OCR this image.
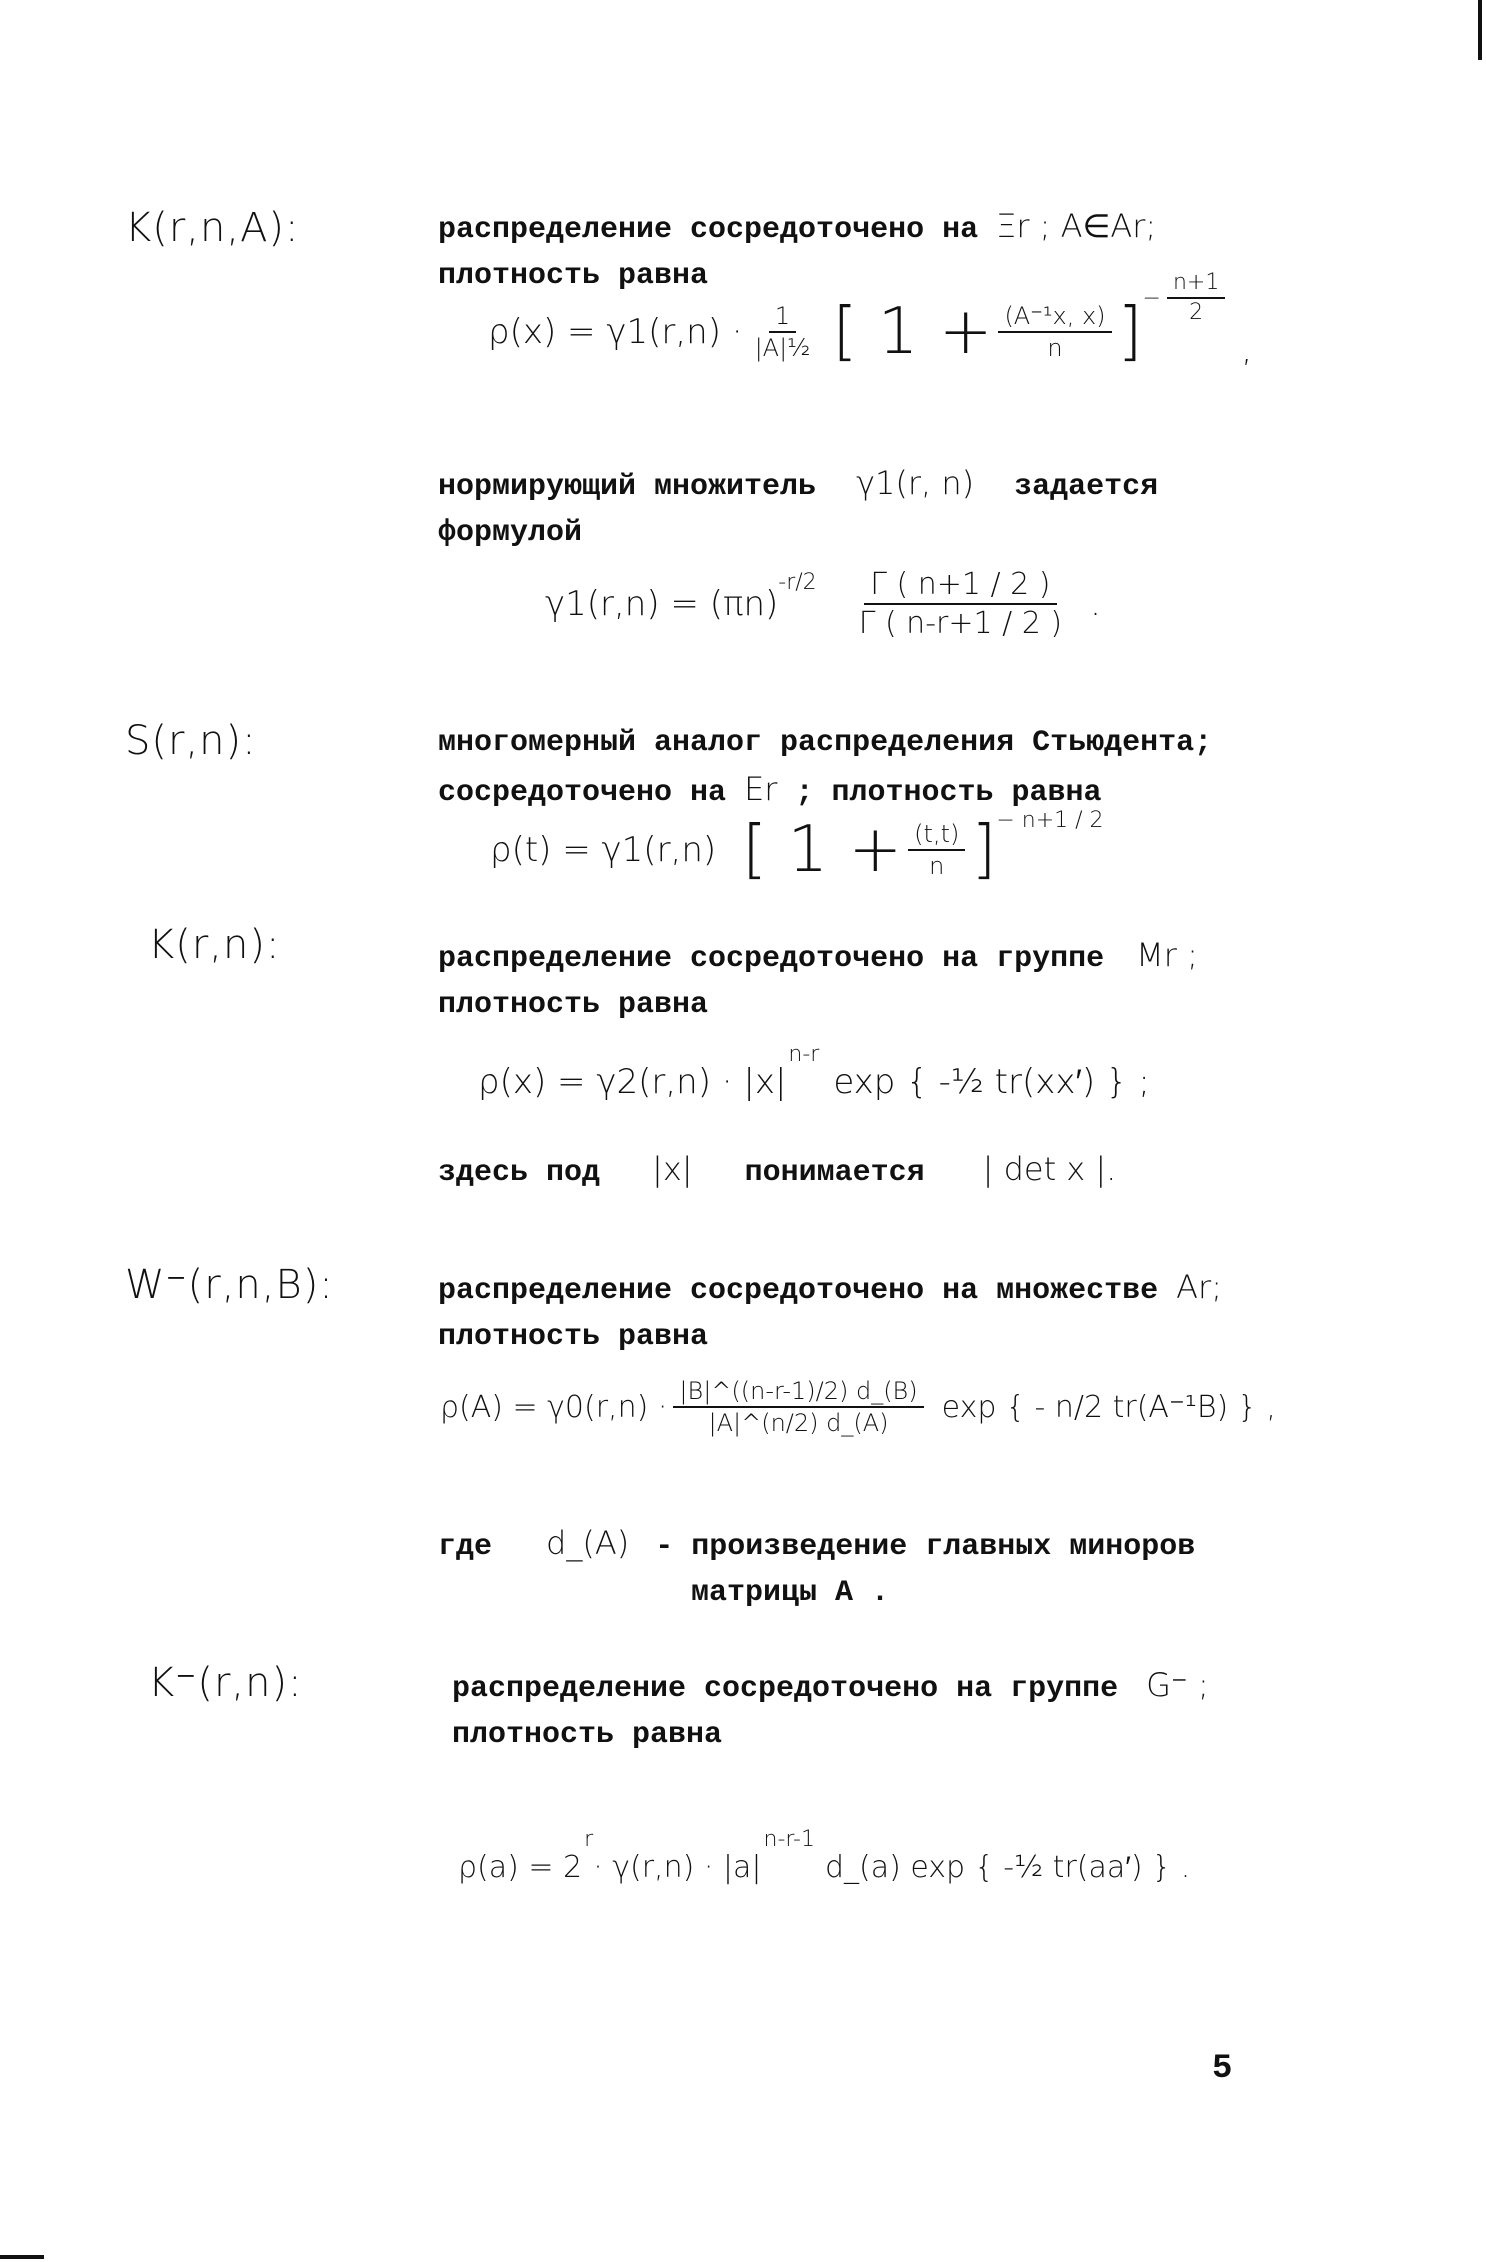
K(r,n,A):	распределение сосредоточено на Ξr ; A∈Ar;
плотность равна
$\rho(x) = \gamma 1(r,n) \cdot \frac{1}{\text{|A|½}}$ [ $1 + \frac{\text{(A⁻¹x, x)}}{n}$ ] − $\frac{n+1}{2}$
,
нормирующий множитель γ1(r, n) задается
формулой
γ1(r,n) = (πn)
$-r/2 \frac{\Gamma ( n+1 / 2 )}{\Gamma ( n-r+1 / 2 )}$ .
S(r,n):	многомерный аналог распределения Стьюдента;
сосредоточено на Er ; плотность равна
ρ(t) = γ1(r,n) [ $1 + \frac{(t,t)}{n}$ ] − n+1 / 2
K(r,n):	распределение сосредоточено на группе Mr ;
плотность равна
ρ(x) = γ2(r,n) · |x|
n-r
exp { -½ tr(xx′) } ;
здесь под |x| понимается | det x |.
W⁻(r,n,B):	распределение сосредоточено на множестве Ar;
плотность равна
$\rho(A) = \gamma 0(r,n) \cdot \frac{|B|\^{}((n-r-1)/2) d\_(B)}{|A|\^{}(n/2) d\_(A)}$ exp { - n/2 tr(A⁻¹B) } ,
где d_(A) - произведение главных миноров
матрицы A .
K⁻(r,n):	распределение сосредоточено на группе G⁻ ;
плотность равна
ρ(a) = 2
r
· γ(r,n) · |a|
n-r-1
d_(a) exp { -½ tr(aa′) } .
5
